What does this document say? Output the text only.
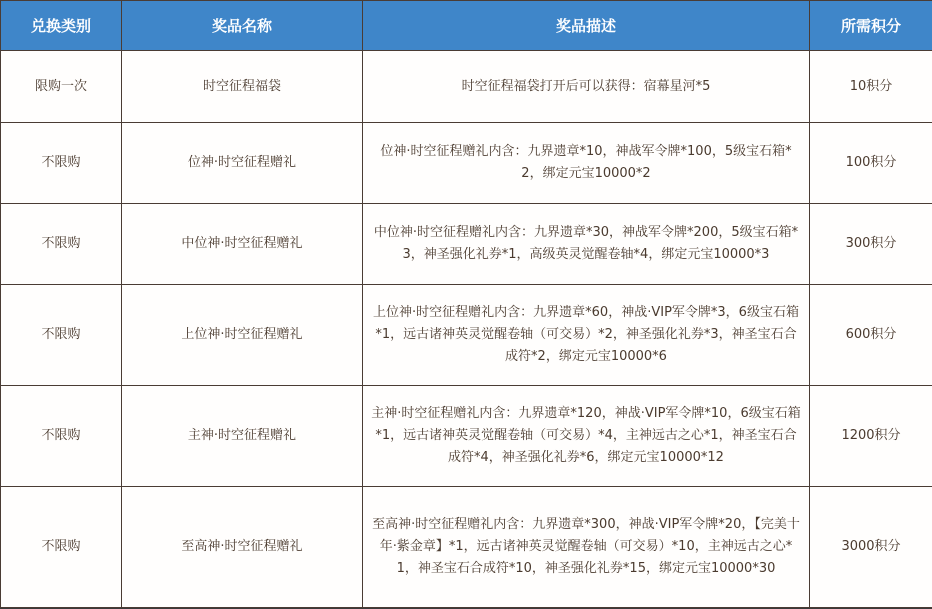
兑换类别	奖品名称	奖品描述	所需积分
限购一次	时空征程福袋	时空征程福袋打开后可以获得：宿幕星河*5	10积分
不限购	位神·时空征程赠礼	位神·时空征程赠礼内含：九界遗章*10，神战军令牌*100，5级宝石箱*2，绑定元宝10000*2	100积分
不限购	中位神·时空征程赠礼	中位神·时空征程赠礼内含：九界遗章*30，神战军令牌*200，5级宝石箱*3，神圣强化礼券*1，高级英灵觉醒卷轴*4，绑定元宝10000*3	300积分
不限购	上位神·时空征程赠礼	上位神·时空征程赠礼内含：九界遗章*60，神战·VIP军令牌*3，6级宝石箱*1，远古诸神英灵觉醒卷轴（可交易）*2，神圣强化礼券*3，神圣宝石合成符*2，绑定元宝10000*6	600积分
不限购	主神·时空征程赠礼	主神·时空征程赠礼内含：九界遗章*120，神战·VIP军令牌*10，6级宝石箱*1，远古诸神英灵觉醒卷轴（可交易）*4，主神远古之心*1，神圣宝石合成符*4，神圣强化礼券*6，绑定元宝10000*12	1200积分
不限购	至高神·时空征程赠礼	至高神·时空征程赠礼内含：九界遗章*300，神战·VIP军令牌*20，【完美十年·紫金章】*1，远古诸神英灵觉醒卷轴（可交易）*10，主神远古之心*1，神圣宝石合成符*10，神圣强化礼券*15，绑定元宝10000*30	3000积分
